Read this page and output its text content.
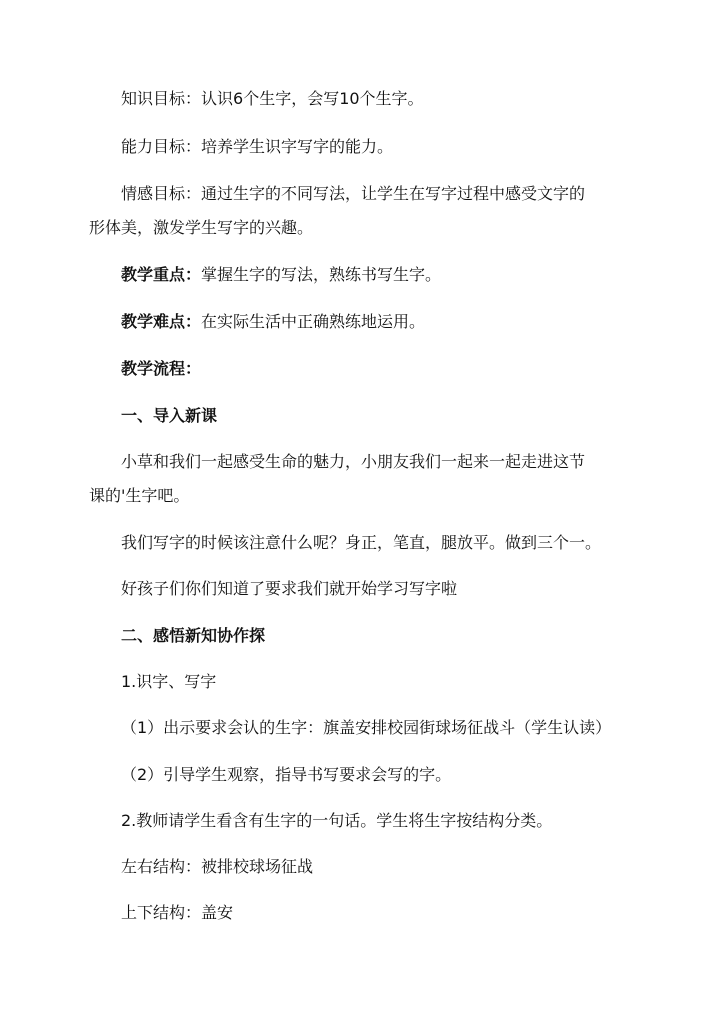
知识目标：认识6个生字，会写10个生字。
能力目标：培养学生识字写字的能力。
情感目标：通过生字的不同写法，让学生在写字过程中感受文字的
形体美，激发学生写字的兴趣。
教学重点：掌握生字的写法，熟练书写生字。
教学难点：在实际生活中正确熟练地运用。
教学流程：
一、导入新课
小草和我们一起感受生命的魅力，小朋友我们一起来一起走进这节
课的'生字吧。
我们写字的时候该注意什么呢？身正，笔直，腿放平。做到三个一。
好孩子们你们知道了要求我们就开始学习写字啦
二、感悟新知协作探
1.识字、写字
（1）出示要求会认的生字：旗盖安排校园街球场征战斗（学生认读）
（2）引导学生观察，指导书写要求会写的字。
2.教师请学生看含有生字的一句话。学生将生字按结构分类。
左右结构：被排校球场征战
上下结构：盖安
